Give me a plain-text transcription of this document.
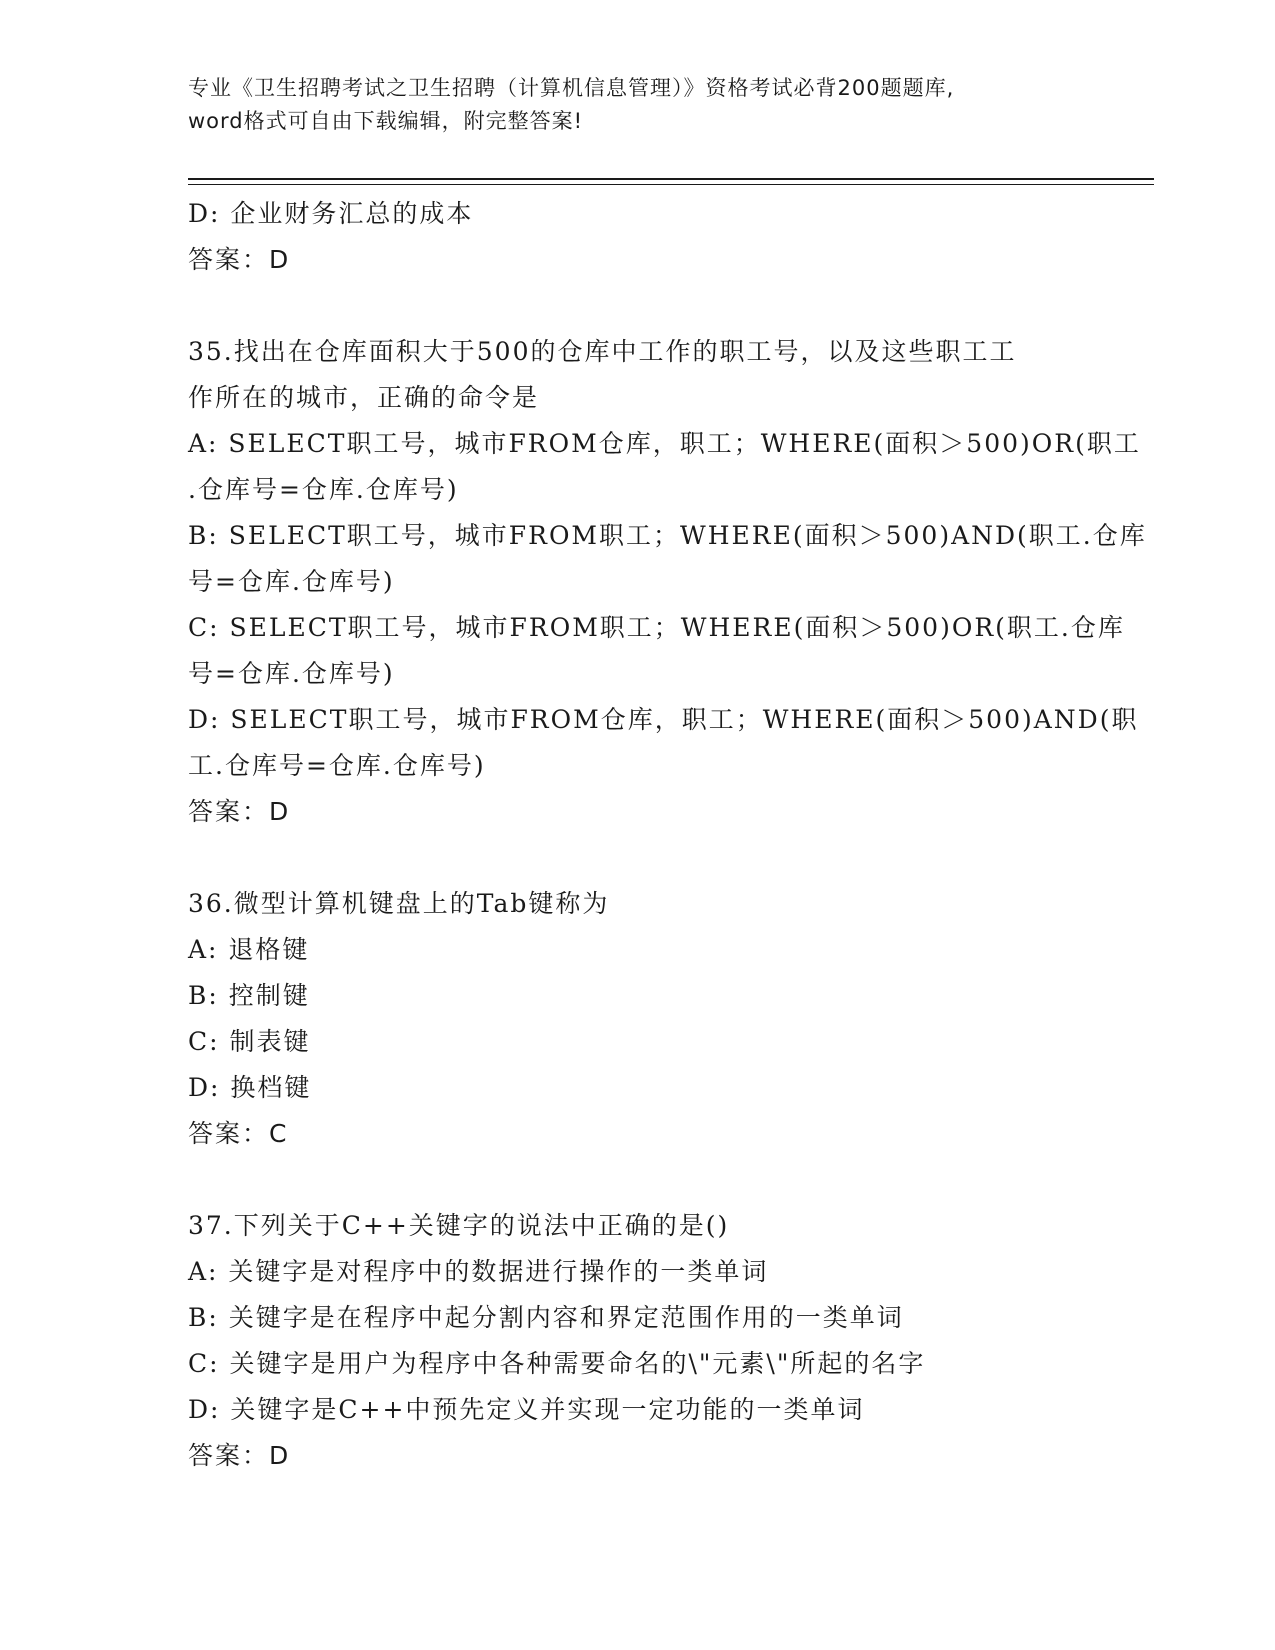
专业《卫生招聘考试之卫生招聘（计算机信息管理）》资格考试必背200题题库,
word格式可自由下载编辑，附完整答案!
D: 企业财务汇总的成本
答案：D
35.找出在仓库面积大于500的仓库中工作的职工号，以及这些职工工
作所在的城市，正确的命令是
A: SELECT职工号，城市FROM仓库，职工；WHERE(面积＞500)OR(职工
.仓库号=仓库.仓库号)
B: SELECT职工号，城市FROM职工；WHERE(面积＞500)AND(职工.仓库
号=仓库.仓库号)
C: SELECT职工号，城市FROM职工；WHERE(面积＞500)OR(职工.仓库
号=仓库.仓库号)
D: SELECT职工号，城市FROM仓库，职工；WHERE(面积＞500)AND(职
工.仓库号=仓库.仓库号)
答案：D
36.微型计算机键盘上的Tab键称为
A: 退格键
B: 控制键
C: 制表键
D: 换档键
答案：C
37.下列关于C++关键字的说法中正确的是()
A: 关键字是对程序中的数据进行操作的一类单词
B: 关键字是在程序中起分割内容和界定范围作用的一类单词
C: 关键字是用户为程序中各种需要命名的\"元素\"所起的名字
D: 关键字是C++中预先定义并实现一定功能的一类单词
答案：D
